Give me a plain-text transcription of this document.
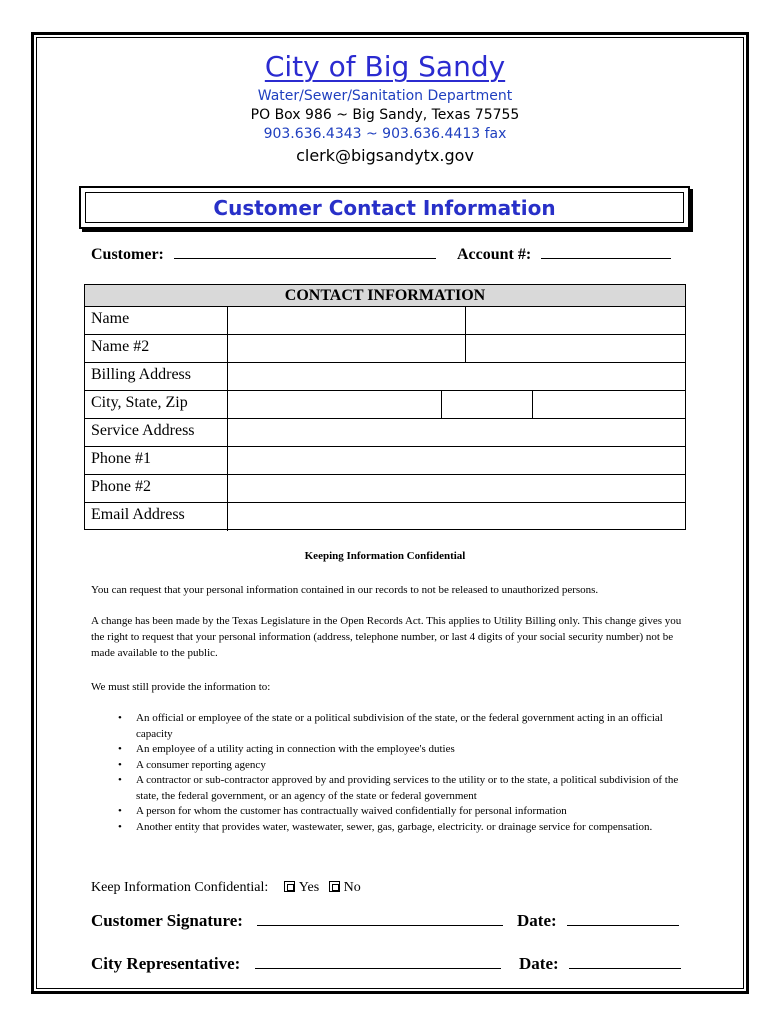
City of Big Sandy
Water/Sewer/Sanitation Department
PO Box 986 ~ Big Sandy, Texas 75755
903.636.4343 ~ 903.636.4413 fax
clerk@bigsandytx.gov
Customer Contact Information
Customer:	Account #:
CONTACT INFORMATION
Name
Name #2
Billing Address
City, State, Zip
Service Address
Phone #1
Phone #2
Email Address
Keeping Information Confidential
You can request that your personal information contained in our records to not be released to unauthorized persons.
A change has been made by the Texas Legislature in the Open Records Act. This applies to Utility Billing only. This change gives you the right to request that your personal information (address, telephone number, or last 4 digits of your social security number) not be made available to the public.
We must still provide the information to:
• An official or employee of the state or a political subdivision of the state, or the federal government acting in an official capacity
• An employee of a utility acting in connection with the employee's duties
• A consumer reporting agency
• A contractor or sub-contractor approved by and providing services to the utility or to the state, a political subdivision of the state, the federal government, or an agency of the state or federal government
• A person for whom the customer has contractually waived confidentially for personal information
• Another entity that provides water, wastewater, sewer, gas, garbage, electricity. or drainage service for compensation.
Keep Information Confidential: Yes No
Customer Signature:	Date:
City Representative:	Date:
